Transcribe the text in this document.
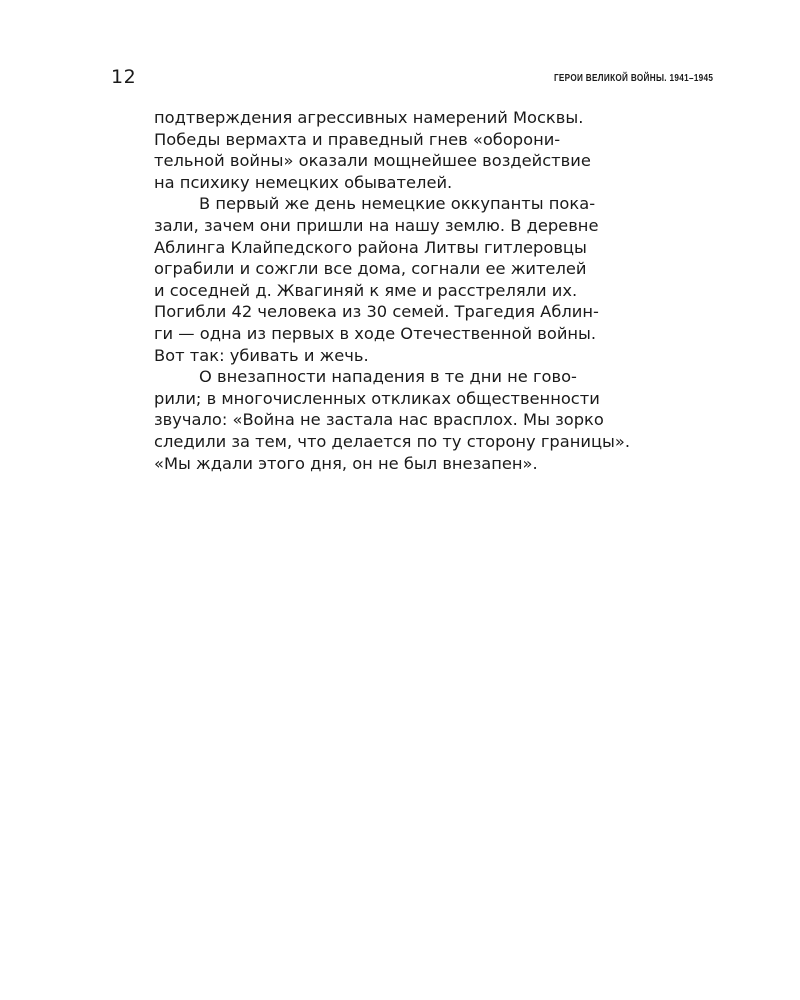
12	ГЕРОИ ВЕЛИКОЙ ВОЙНЫ. 1941–1945
подтверждения агрессивных намерений Москвы.
Победы вермахта и праведный гнев «оборони-
тельной войны» оказали мощнейшее воздействие
на психику немецких обывателей.
В первый же день немецкие оккупанты пока-
зали, зачем они пришли на нашу землю. В деревне
Аблинга Клайпедского района Литвы гитлеровцы
ограбили и сожгли все дома, согнали ее жителей
и соседней д. Жвагиняй к яме и расстреляли их.
Погибли 42 человека из 30 семей. Трагедия Аблин-
ги — одна из первых в ходе Отечественной войны.
Вот так: убивать и жечь.
О внезапности нападения в те дни не гово-
рили; в многочисленных откликах общественности
звучало: «Война не застала нас врасплох. Мы зорко
следили за тем, что делается по ту сторону границы».
«Мы ждали этого дня, он не был внезапен».
